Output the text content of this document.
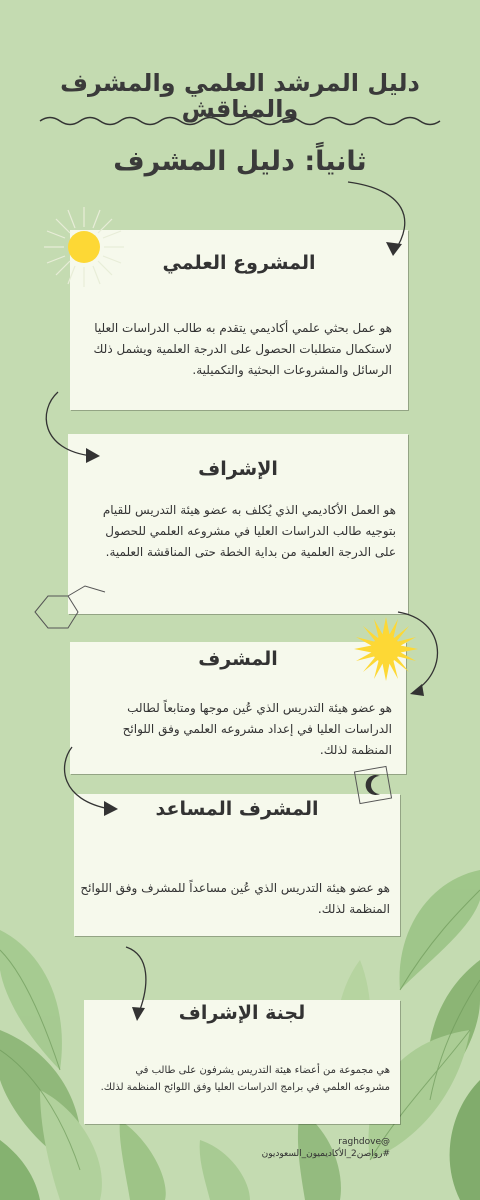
دليل المرشد العلمي والمشرف والمناقش
ثانياً: دليل المشرف
المشروع العلمي
هو عمل بحثي علمي أكاديمي يتقدم به طالب الدراسات العليا لاستكمال متطلبات الحصول على الدرجة العلمية ويشمل ذلك الرسائل والمشروعات البحثية والتكميلية.
الإشراف
هو العمل الأكاديمي الذي يُكلف به عضو هيئة التدريس للقيام بتوجيه طالب الدراسات العليا في مشروعه العلمي للحصول على الدرجة العلمية من بداية الخطة حتى المناقشة العلمية.
المشرف
هو عضو هيئة التدريس الذي عُين موجها ومتابعاً لطالب الدراسات العليا في إعداد مشروعه العلمي وفق اللوائح المنظمة لذلك.
المشرف المساعد
هو عضو هيئة التدريس الذي عُين مساعداً للمشرف وفق اللوائح المنظمة لذلك.
لجنة الإشراف
هي مجموعة من أعضاء هيئة التدريس يشرفون على طالب في مشروعه العلمي في برامج الدراسات العليا وفق اللوائح المنظمة لذلك.
@raghdove
#رواصن2_الأكاديميون_السعوديون
